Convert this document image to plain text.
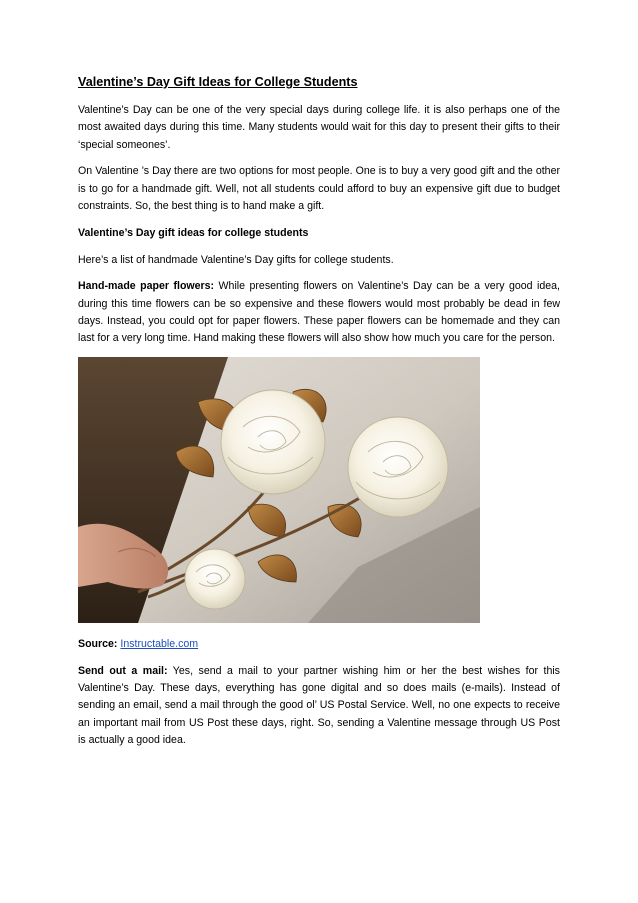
Valentine’s Day Gift Ideas for College Students

Valentine’s Day can be one of the very special days during college life. it is also perhaps one of the most awaited days during this time. Many students would wait for this day to present their gifts to their ‘special someones’.

On Valentine ’s Day there are two options for most people. One is to buy a very good gift and the other is to go for a handmade gift. Well, not all students could afford to buy an expensive gift due to budget constraints. So, the best thing is to hand make a gift.

Valentine’s Day gift ideas for college students

Here’s a list of handmade Valentine’s Day gifts for college students.

Hand-made paper flowers: While presenting flowers on Valentine’s Day can be a very good idea, during this time flowers can be so expensive and these flowers would most probably be dead in few days. Instead, you could opt for paper flowers. These paper flowers can be homemade and they can last for a very long time. Hand making these flowers will also show how much you care for the person.

Source: Instructable.com

Send out a mail: Yes, send a mail to your partner wishing him or her the best wishes for this Valentine’s Day. These days, everything has gone digital and so does mails (e-mails). Instead of sending an email, send a mail through the good ol’ US Postal Service. Well, no one expects to receive an important mail from US Post these days, right. So, sending a Valentine message through US Post is actually a good idea.
